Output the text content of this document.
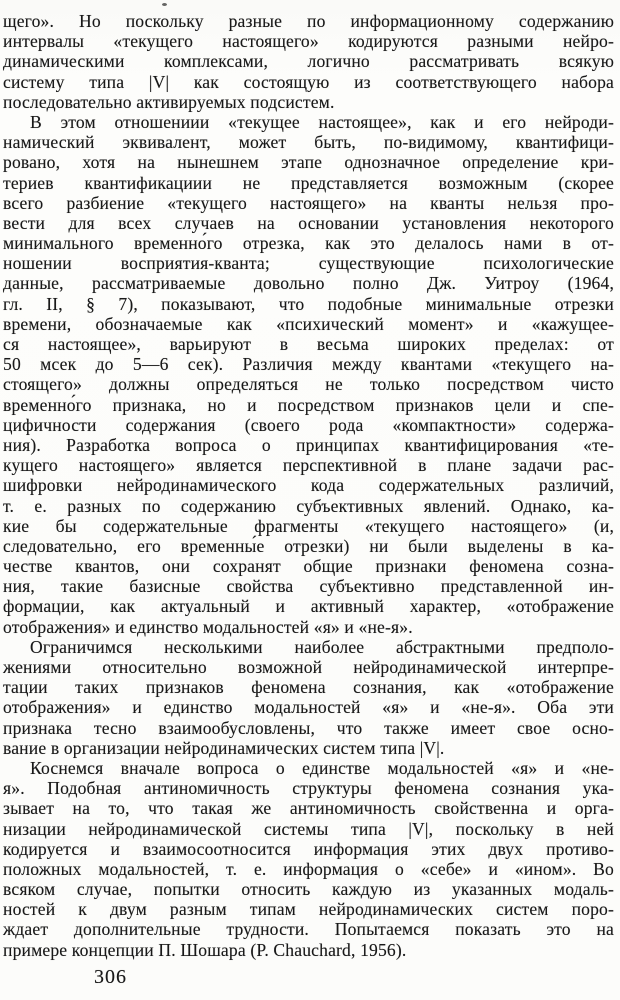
щего». Но поскольку разные по информационному содержанию
интервалы «текущего настоящего» кодируются разными нейро-
динамическими комплексами, логично рассматривать всякую
систему типа |V| как состоящую из соответствующего набора
последовательно активируемых подсистем.
В этом отношениии «текущее настоящее», как и его нейроди-
намический эквивалент, может быть, по-видимому, квантифици-
ровано, хотя на нынешнем этапе однозначное определение кри-
териев квантификациии не представляется возможным (скорее
всего разбиение «текущего настоящего» на кванты нельзя про-
вести для всех случаев на основании установления некоторого
минимального временно́го отрезка, как это делалось нами в от-
ношении восприятия-кванта; существующие психологические
данные, рассматриваемые довольно полно Дж. Уитроу (1964,
гл. II, § 7), показывают, что подобные минимальные отрезки
времени, обозначаемые как «психический момент» и «кажущее-
ся настоящее», варьируют в весьма широких пределах: от
50 мсек до 5—6 сек). Различия между квантами «текущего на-
стоящего» должны определяться не только посредством чисто
временно́го признака, но и посредством признаков цели и спе-
цифичности содержания (своего рода «компактности» содержа-
ния). Разработка вопроса о принципах квантифицирования «те-
кущего настоящего» является перспективной в плане задачи рас-
шифровки нейродинамического кода содержательных различий,
т. е. разных по содержанию субъективных явлений. Однако, ка-
кие бы содержательные фрагменты «текущего настоящего» (и,
следовательно, его временны́е отрезки) ни были выделены в ка-
честве квантов, они сохранят общие признаки феномена созна-
ния, такие базисные свойства субъективно представленной ин-
формации, как актуальный и активный характер, «отображение
отображения» и единство модальностей «я» и «не-я».
Ограничимся несколькими наиболее абстрактными предполо-
жениями относительно возможной нейродинамической интерпре-
тации таких признаков феномена сознания, как «отображение
отображения» и единство модальностей «я» и «не-я». Оба эти
признака тесно взаимообусловлены, что также имеет свое осно-
вание в организации нейродинамических систем типа |V|.
Коснемся вначале вопроса о единстве модальностей «я» и «не-
я». Подобная антиномичность структуры феномена сознания ука-
зывает на то, что такая же антиномичность свойственна и орга-
низации нейродинамической системы типа |V|, поскольку в ней
кодируется и взаимосоотносится информация этих двух противо-
положных модальностей, т. е. информация о «себе» и «ином». Во
всяком случае, попытки относить каждую из указанных модаль-
ностей к двум разным типам нейродинамических систем поро-
ждает дополнительные трудности. Попытаемся показать это на
примере концепции П. Шошара (P. Chauchard, 1956).
306
